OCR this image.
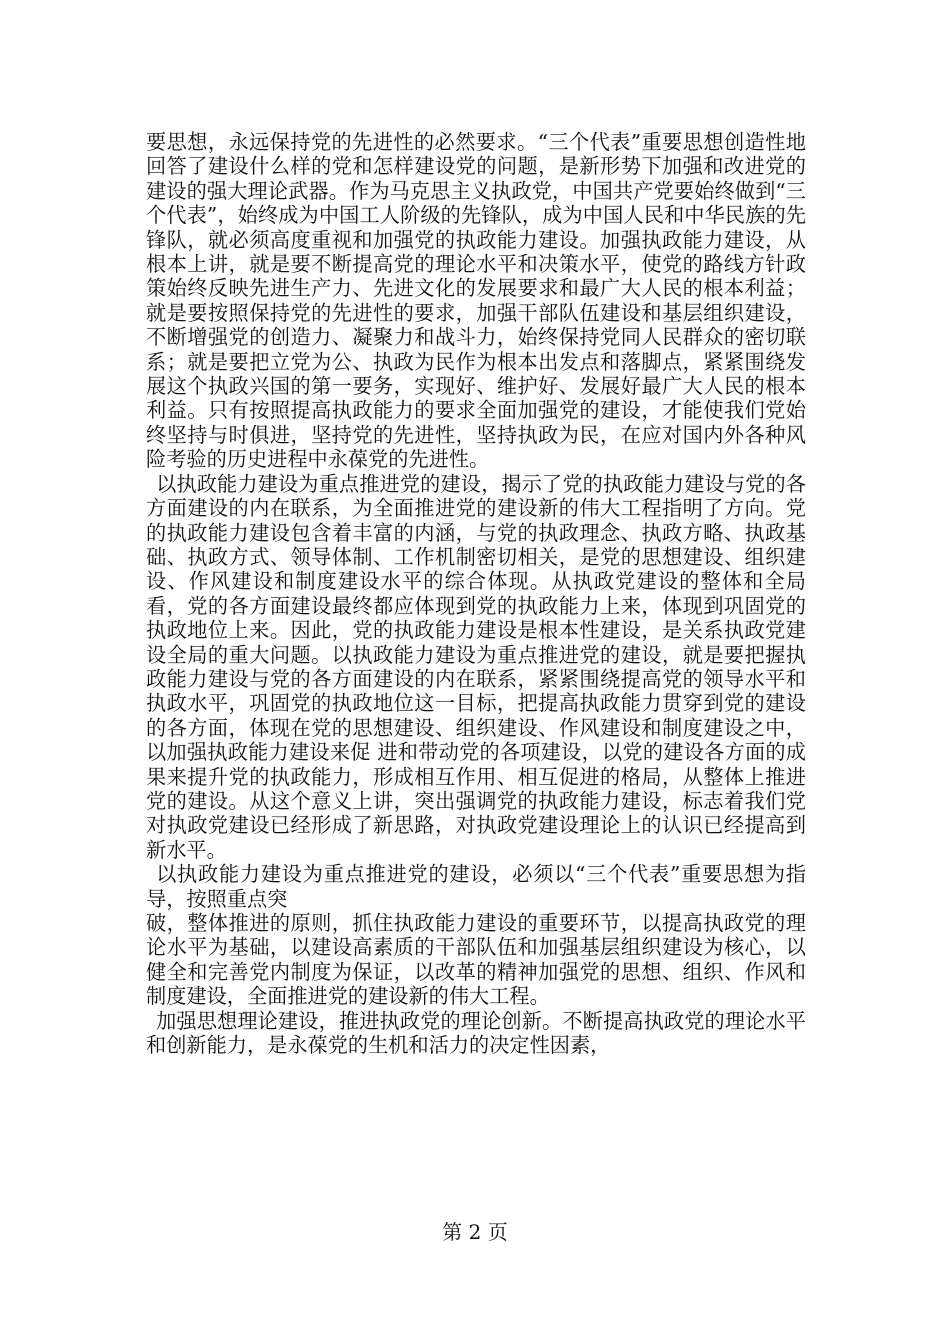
要思想，永远保持党的先进性的必然要求。“三个代表”重要思想创造性地回答了建设什么样的党和怎样建设党的问题，是新形势下加强和改进党的建设的强大理论武器。作为马克思主义执政党，中国共产党要始终做到“三个代表”，始终成为中国工人阶级的先锋队，成为中国人民和中华民族的先锋队，就必须高度重视和加强党的执政能力建设。加强执政能力建设，从根本上讲，就是要不断提高党的理论水平和决策水平，使党的路线方针政策始终反映先进生产力、先进文化的发展要求和最广大人民的根本利益；就是要按照保持党的先进性的要求，加强干部队伍建设和基层组织建设，不断增强党的创造力、凝聚力和战斗力，始终保持党同人民群众的密切联系；就是要把立党为公、执政为民作为根本出发点和落脚点，紧紧围绕发展这个执政兴国的第一要务，实现好、维护好、发展好最广大人民的根本利益。只有按照提高执政能力的要求全面加强党的建设，才能使我们党始终坚持与时俱进，坚持党的先进性，坚持执政为民，在应对国内外各种风险考验的历史进程中永葆党的先进性。

以执政能力建设为重点推进党的建设，揭示了党的执政能力建设与党的各方面建设的内在联系，为全面推进党的建设新的伟大工程指明了方向。党的执政能力建设包含着丰富的内涵，与党的执政理念、执政方略、执政基础、执政方式、领导体制、工作机制密切相关，是党的思想建设、组织建设、作风建设和制度建设水平的综合体现。从执政党建设的整体和全局看，党的各方面建设最终都应体现到党的执政能力上来，体现到巩固党的执政地位上来。因此，党的执政能力建设是根本性建设，是关系执政党建设全局的重大问题。以执政能力建设为重点推进党的建设，就是要把握执政能力建设与党的各方面建设的内在联系，紧紧围绕提高党的领导水平和执政水平，巩固党的执政地位这一目标，把提高执政能力贯穿到党的建设的各方面，体现在党的思想建设、组织建设、作风建设和制度建设之中，以加强执政能力建设来促 进和带动党的各项建设，以党的建设各方面的成果来提升党的执政能力，形成相互作用、相互促进的格局，从整体上推进党的建设。从这个意义上讲，突出强调党的执政能力建设，标志着我们党对执政党建设已经形成了新思路，对执政党建设理论上的认识已经提高到新水平。

以执政能力建设为重点推进党的建设，必须以“三个代表”重要思想为指导，按照重点突

破，整体推进的原则，抓住执政能力建设的重要环节，以提高执政党的理论水平为基础，以建设高素质的干部队伍和加强基层组织建设为核心，以健全和完善党内制度为保证，以改革的精神加强党的思想、组织、作风和制度建设，全面推进党的建设新的伟大工程。

加强思想理论建设，推进执政党的理论创新。不断提高执政党的理论水平和创新能力，是永葆党的生机和活力的决定性因素，

第 2 页
